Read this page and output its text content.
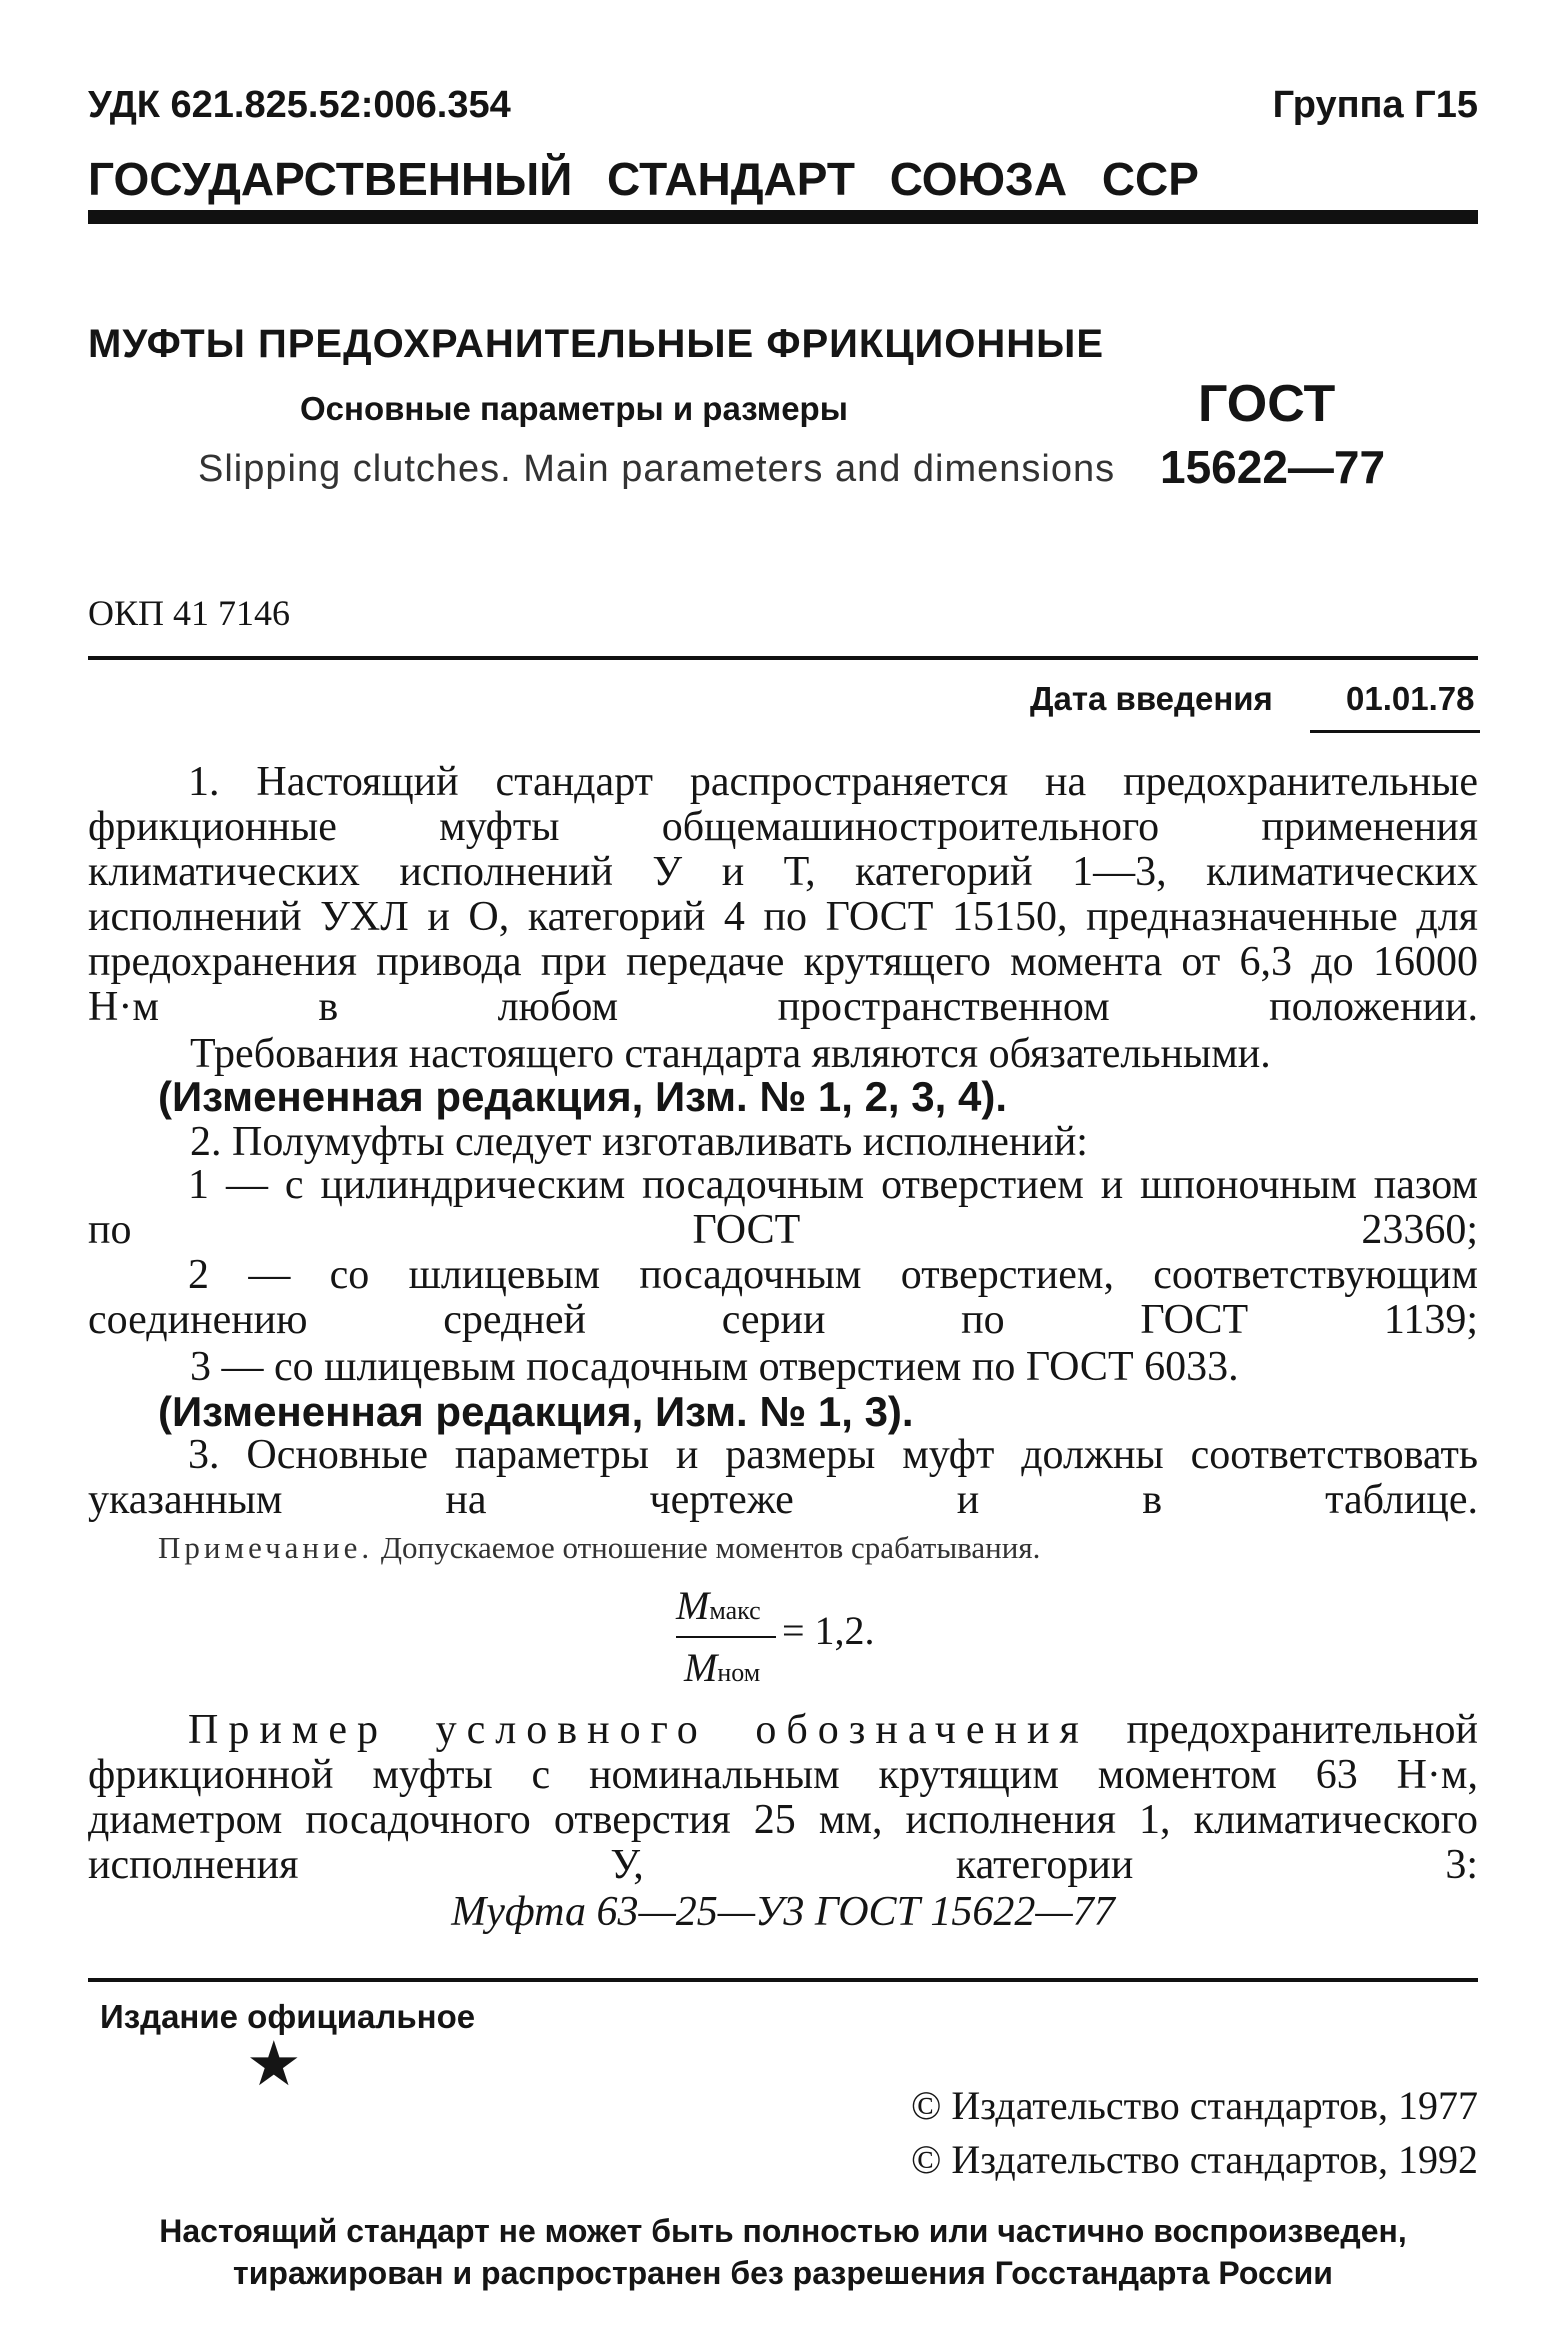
УДК 621.825.52:006.354	Группа Г15
ГОСУДАРСТВЕННЫЙ СТАНДАРТ СОЮЗА ССР
МУФТЫ ПРЕДОХРАНИТЕЛЬНЫЕ ФРИКЦИОННЫЕ
Основные параметры и размеры
Slipping clutches. Main parameters and dimensions
ГОСТ
15622—77
ОКП 41 7146
Дата введения 01.01.78
1. Настоящий стандарт распространяется на предохранительные фрикционные муфты общемашиностроительного применения климатических исполнений У и Т, категорий 1—3, климатических исполнений УХЛ и О, категорий 4 по ГОСТ 15150, предназначенные для предохранения привода при передаче крутящего момента от 6,3 до 16000 Н·м в любом пространственном положении.
Требования настоящего стандарта являются обязательными.
(Измененная редакция, Изм. № 1, 2, 3, 4).
2. Полумуфты следует изготавливать исполнений:
1 — с цилиндрическим посадочным отверстием и шпоночным пазом по ГОСТ 23360;
2 — со шлицевым посадочным отверстием, соответствующим соединению средней серии по ГОСТ 1139;
3 — со шлицевым посадочным отверстием по ГОСТ 6033.
(Измененная редакция, Изм. № 1, 3).
3. Основные параметры и размеры муфт должны соответствовать указанным на чертеже и в таблице.
Примечание. Допускаемое отношение моментов срабатывания.
Mмакс
Mном
= 1,2.
Пример условного обозначения предохранительной фрикционной муфты с номинальным крутящим моментом 63 Н·м, диаметром посадочного отверстия 25 мм, исполнения 1, климатического исполнения У, категории 3:
Муфта 63—25—У3 ГОСТ 15622—77
Издание официальное
★
© Издательство стандартов, 1977
© Издательство стандартов, 1992
Настоящий стандарт не может быть полностью или частично воспроизведен, тиражирован и распространен без разрешения Госстандарта России
